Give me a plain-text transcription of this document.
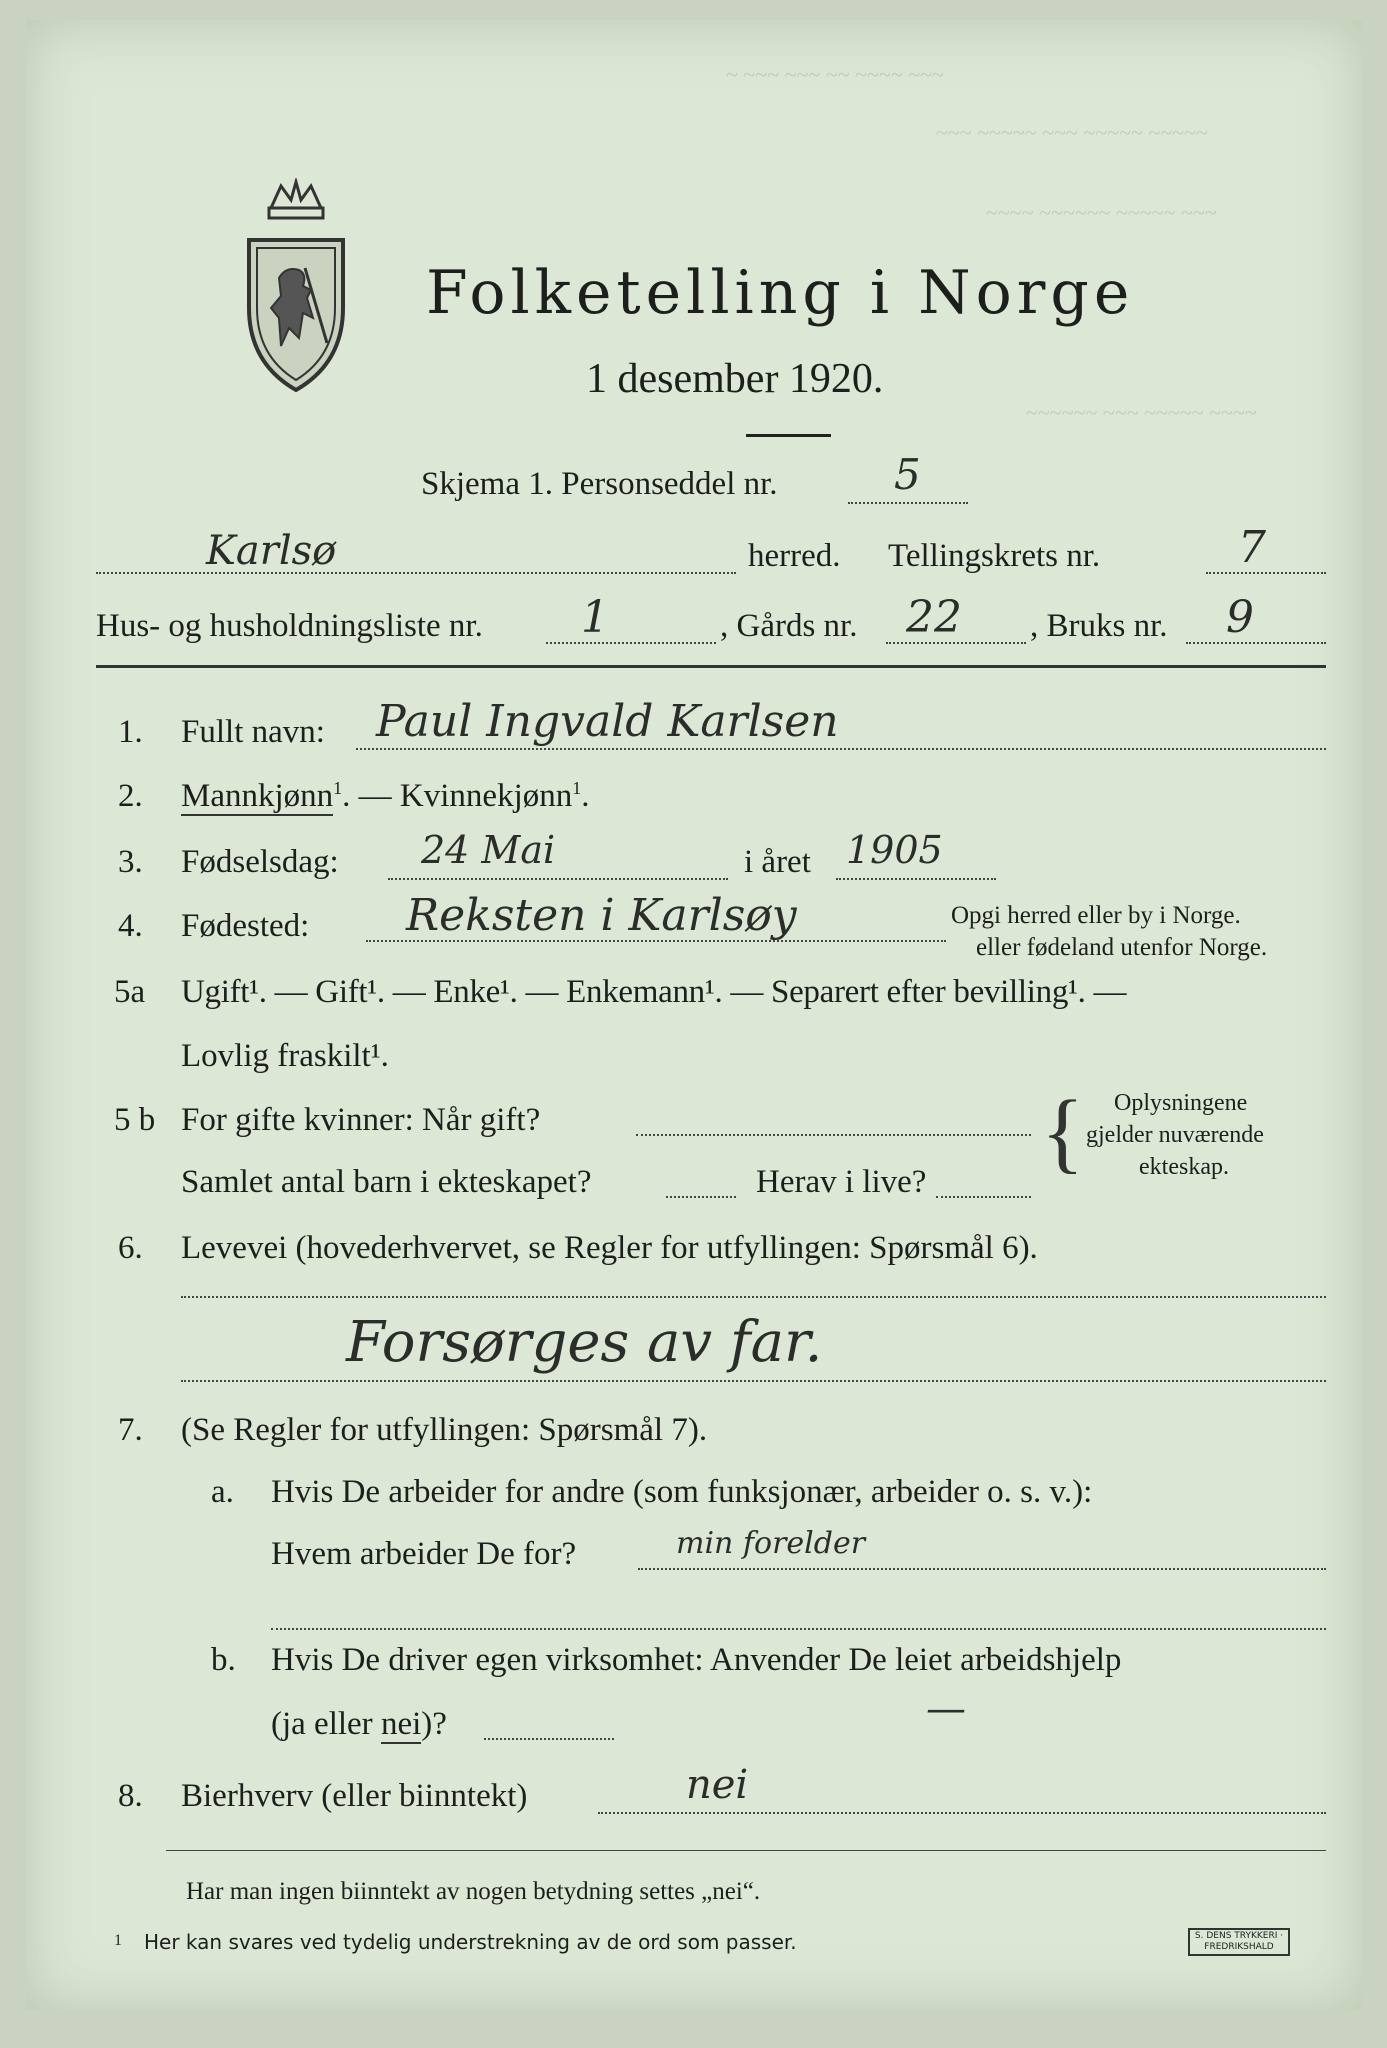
~ ~~~ ~~~ ~~ ~~~~ ~~~
~~~ ~~~~~ ~~~ ~~~~~ ~~~~~
~~~~ ~~~~~~ ~~~~~ ~~~
~~~~~~ ~~~ ~~~~~ ~~~~
Folketelling i Norge
1 desember 1920.
Skjema 1. Personseddel nr.	5
Karlsø	herred. Tellingskrets nr.	7
Hus- og husholdningsliste nr. 1	, Gårds nr. 22 , Bruks nr. 9
1. Fullt navn: Paul Ingvald Karlsen
2. Mannkjønn$^1$. — Kvinnekjønn$^1$.
3. Fødselsdag: 24 Mai	i året 1905
4. Fødested: Reksten i Karlsøy	Opgi herred eller by i Norge.
eller fødeland utenfor Norge.
5a Ugift¹. — Gift¹. — Enke¹. — Enkemann¹. — Separert efter bevilling¹. —
Lovlig fraskilt¹.
5 b For gifte kvinner: Når gift?
Samlet antal barn i ekteskapet?	Herav i live? { Oplysningene
gjelder nuværende
ekteskap.
6. Levevei (hovederhvervet, se Regler for utfyllingen: Spørsmål 6).
Forsørges av far.
7. (Se Regler for utfyllingen: Spørsmål 7).
a. Hvis De arbeider for andre (som funksjonær, arbeider o. s. v.):
Hvem arbeider De for?	min forelder
b. Hvis De driver egen virksomhet: Anvender De leiet arbeidshjelp
(ja eller nei)?	—
8. Bierhverv (eller biinntekt)	nei
Har man ingen biinntekt av nogen betydning settes „nei“.
1 Her kan svares ved tydelig understrekning av de ord som passer.	S. DENS TRYKKERI · FREDRIKSHALD
